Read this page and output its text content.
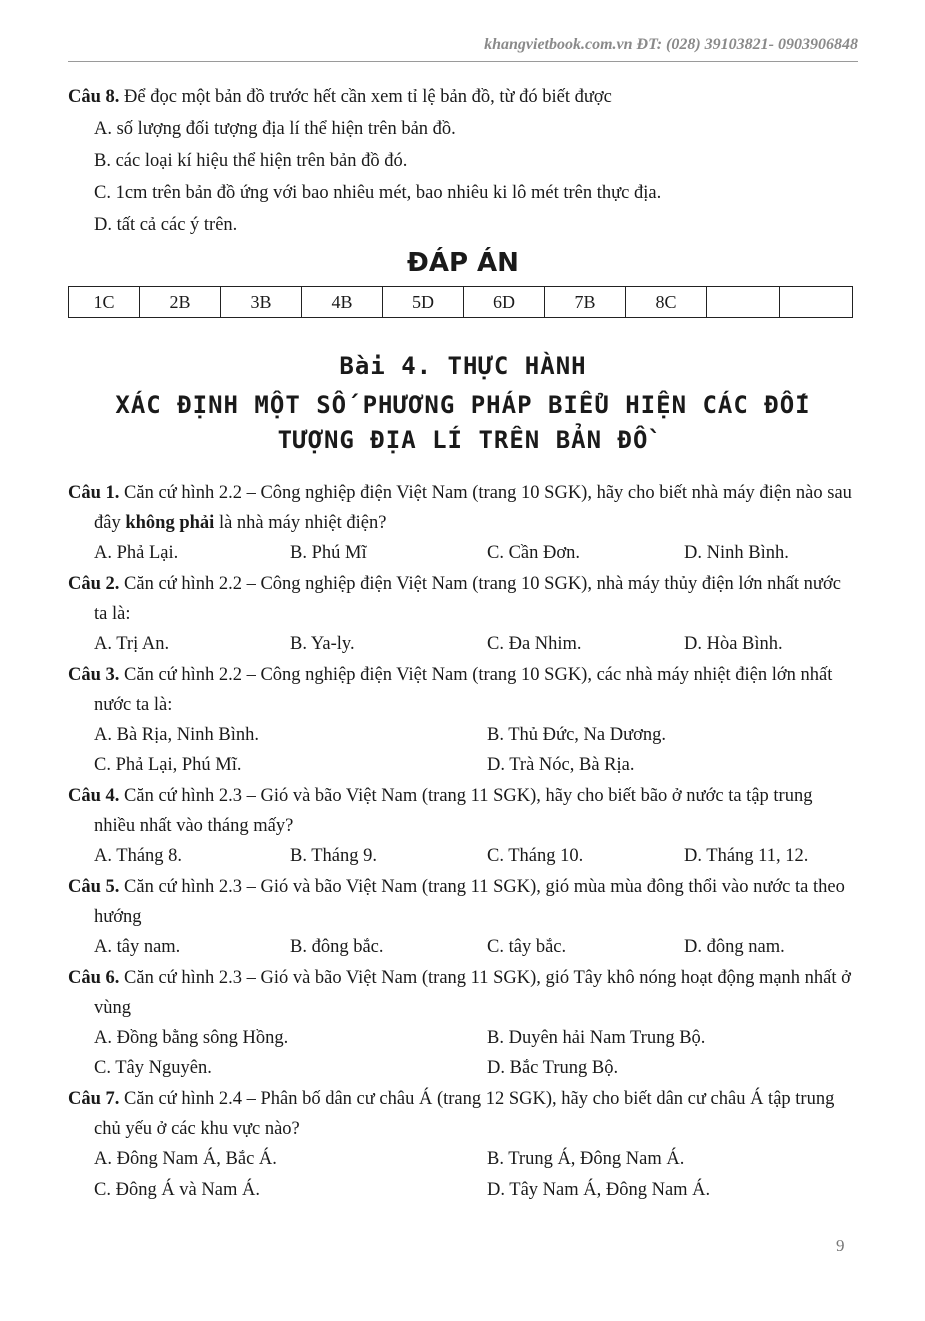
khangvietbook.com.vn ĐT: (028) 39103821- 0903906848
Câu 8. Để đọc một bản đồ trước hết cần xem tỉ lệ bản đồ, từ đó biết được
A. số lượng đối tượng địa lí thể hiện trên bản đồ.
B. các loại kí hiệu thể hiện trên bản đồ đó.
C. 1cm trên bản đồ ứng với bao nhiêu mét, bao nhiêu ki lô mét trên thực địa.
D. tất cả các ý trên.
ĐÁP ÁN
1C	2B	3B	4B	5D	6D	7B	8C		
Bài 4. THỰC HÀNH
XÁC ĐỊNH MỘT SỐ PHƯƠNG PHÁP BIỂU HIỆN CÁC ĐỐI
TƯỢNG ĐỊA LÍ TRÊN BẢN ĐỒ
Câu 1. Căn cứ hình 2.2 – Công nghiệp điện Việt Nam (trang 10 SGK), hãy cho biết nhà máy điện nào sau đây không phải là nhà máy nhiệt điện?
A. Phả Lại.	B. Phú Mĩ	C. Cần Đơn.	D. Ninh Bình.
Câu 2. Căn cứ hình 2.2 – Công nghiệp điện Việt Nam (trang 10 SGK), nhà máy thủy điện lớn nhất nước ta là:
A. Trị An.	B. Ya-ly.	C. Đa Nhim.	D. Hòa Bình.
Câu 3. Căn cứ hình 2.2 – Công nghiệp điện Việt Nam (trang 10 SGK), các nhà máy nhiệt điện lớn nhất nước ta là:
A. Bà Rịa, Ninh Bình.	B. Thủ Đức, Na Dương.
C. Phả Lại, Phú Mĩ.	D. Trà Nóc, Bà Rịa.
Câu 4. Căn cứ hình 2.3 – Gió và bão Việt Nam (trang 11 SGK), hãy cho biết bão ở nước ta tập trung nhiều nhất vào tháng mấy?
A. Tháng 8.	B. Tháng 9.	C. Tháng 10.	D. Tháng 11, 12.
Câu 5. Căn cứ hình 2.3 – Gió và bão Việt Nam (trang 11 SGK), gió mùa mùa đông thổi vào nước ta theo hướng
A. tây nam.	B. đông bắc.	C. tây bắc.	D. đông nam.
Câu 6. Căn cứ hình 2.3 – Gió và bão Việt Nam (trang 11 SGK), gió Tây khô nóng hoạt động mạnh nhất ở vùng
A. Đồng bằng sông Hồng.	B. Duyên hải Nam Trung Bộ.
C. Tây Nguyên.	D. Bắc Trung Bộ.
Câu 7. Căn cứ hình 2.4 – Phân bố dân cư châu Á (trang 12 SGK), hãy cho biết dân cư châu Á tập trung chủ yếu ở các khu vực nào?
A. Đông Nam Á, Bắc Á.	B. Trung Á, Đông Nam Á.
C. Đông Á và Nam Á.	D. Tây Nam Á, Đông Nam Á.
9
